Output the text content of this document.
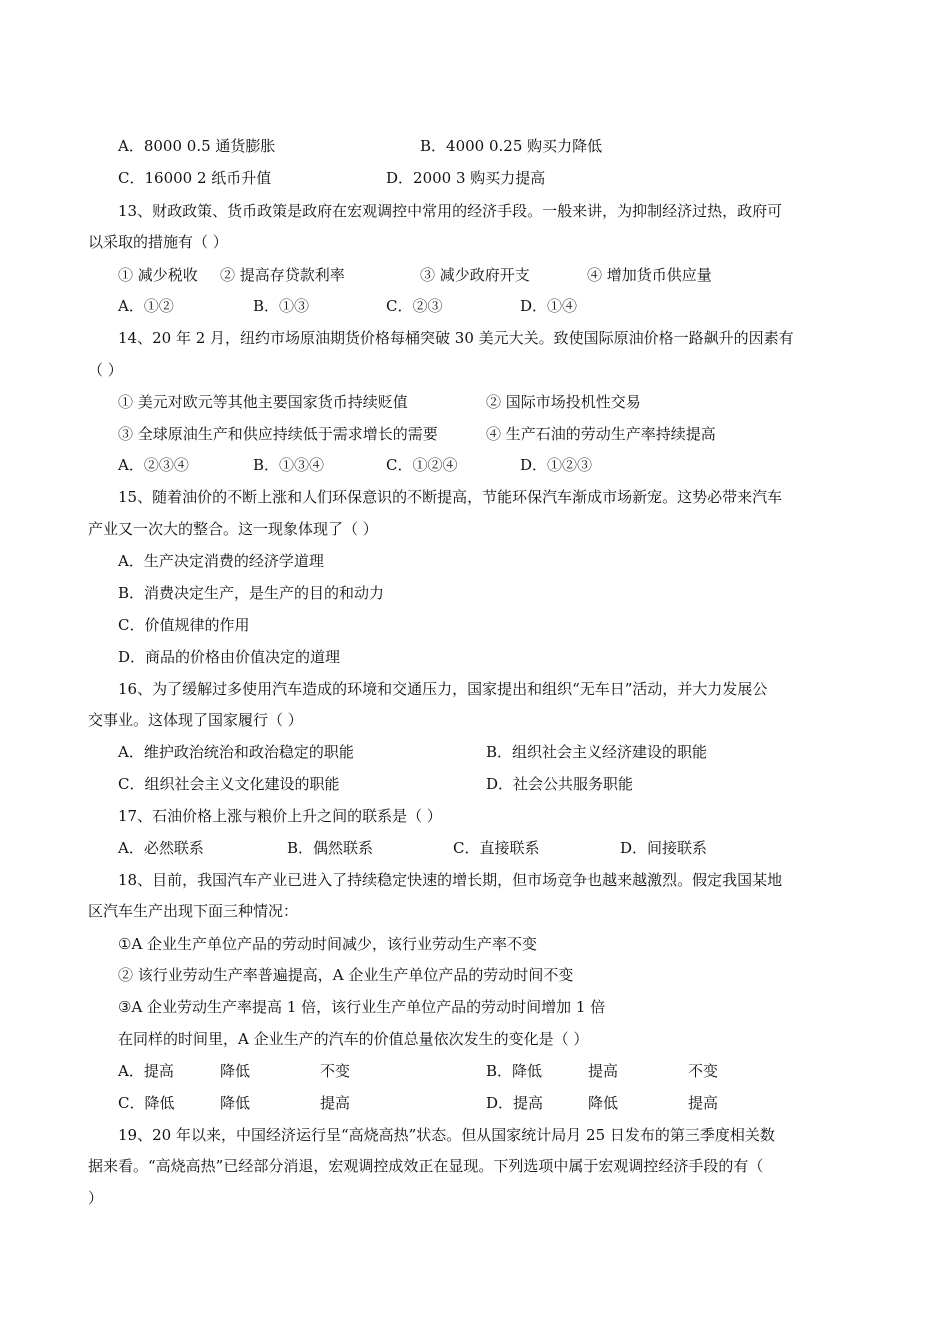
A．8000 0.5 通货膨胀	B．4000 0.25 购买力降低
C．16000 2 纸币升值	D．2000 3 购买力提高
13、财政政策、货币政策是政府在宏观调控中常用的经济手段。一般来讲，为抑制经济过热，政府可
以采取的措施有（ ）
① 减少税收 ② 提高存贷款利率	③ 减少政府开支	④ 增加货币供应量
A．①②	B．①③	C．②③	D．①④
14、20 年 2 月，纽约市场原油期货价格每桶突破 30 美元大关。致使国际原油价格一路飙升的因素有
（ ）
① 美元对欧元等其他主要国家货币持续贬值	② 国际市场投机性交易
③ 全球原油生产和供应持续低于需求增长的需要	④ 生产石油的劳动生产率持续提高
A．②③④	B．①③④	C．①②④	D．①②③
15、随着油价的不断上涨和人们环保意识的不断提高，节能环保汽车渐成市场新宠。这势必带来汽车
产业又一次大的整合。这一现象体现了（ ）
A．生产决定消费的经济学道理
B．消费决定生产，是生产的目的和动力
C．价值规律的作用
D．商品的价格由价值决定的道理
16、为了缓解过多使用汽车造成的环境和交通压力，国家提出和组织“无车日”活动，并大力发展公
交事业。这体现了国家履行（ ）
A．维护政治统治和政治稳定的职能	B．组织社会主义经济建设的职能
C．组织社会主义文化建设的职能	D．社会公共服务职能
17、石油价格上涨与粮价上升之间的联系是（ ）
A．必然联系	B．偶然联系	C．直接联系	D．间接联系
18、目前，我国汽车产业已进入了持续稳定快速的增长期，但市场竞争也越来越激烈。假定我国某地
区汽车生产出现下面三种情况：
①A 企业生产单位产品的劳动时间减少，该行业劳动生产率不变
② 该行业劳动生产率普遍提高，A 企业生产单位产品的劳动时间不变
③A 企业劳动生产率提高 1 倍，该行业生产单位产品的劳动时间增加 1 倍
在同样的时间里，A 企业生产的汽车的价值总量依次发生的变化是（ ）
A．提高	降低	不变	B．降低	提高	不变
C．降低	降低	提高	D．提高	降低	提高
19、20 年以来，中国经济运行呈“高烧高热”状态。但从国家统计局月 25 日发布的第三季度相关数
据来看。“高烧高热”已经部分消退，宏观调控成效正在显现。下列选项中属于宏观调控经济手段的有（
）
